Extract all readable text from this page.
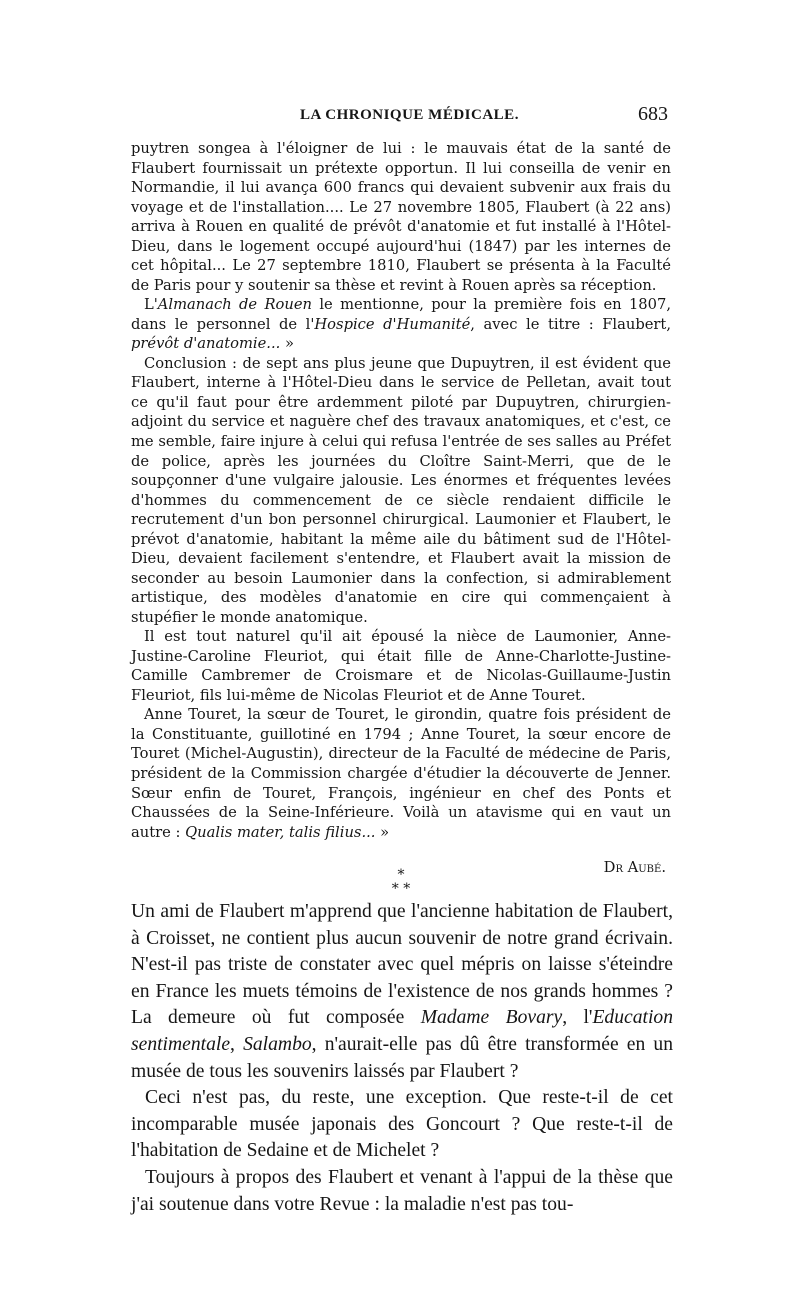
LA CHRONIQUE MÉDICALE.	683

puytren songea à l'éloigner de lui : le mauvais état de la santé de Flaubert fournissait un prétexte opportun. Il lui conseilla de venir en Normandie, il lui avança 600 francs qui devaient subvenir aux frais du voyage et de l'installation.... Le 27 novembre 1805, Flaubert (à 22 ans) arriva à Rouen en qualité de prévôt d'anatomie et fut installé à l'Hôtel-Dieu, dans le logement occupé aujourd'hui (1847) par les internes de cet hôpital... Le 27 septembre 1810, Flaubert se présenta à la Faculté de Paris pour y soutenir sa thèse et revint à Rouen après sa réception.

L'Almanach de Rouen le mentionne, pour la première fois en 1807, dans le personnel de l'Hospice d'Humanité, avec le titre : Flaubert, prévôt d'anatomie... »

Conclusion : de sept ans plus jeune que Dupuytren, il est évident que Flaubert, interne à l'Hôtel-Dieu dans le service de Pelletan, avait tout ce qu'il faut pour être ardemment piloté par Dupuytren, chirurgien-adjoint du service et naguère chef des travaux anatomiques, et c'est, ce me semble, faire injure à celui qui refusa l'entrée de ses salles au Préfet de police, après les journées du Cloître Saint-Merri, que de le soupçonner d'une vulgaire jalousie. Les énormes et fréquentes levées d'hommes du commencement de ce siècle rendaient difficile le recrutement d'un bon personnel chirurgical. Laumonier et Flaubert, le prévot d'anatomie, habitant la même aile du bâtiment sud de l'Hôtel-Dieu, devaient facilement s'entendre, et Flaubert avait la mission de seconder au besoin Laumonier dans la confection, si admirablement artistique, des modèles d'anatomie en cire qui commençaient à stupéfier le monde anatomique.

Il est tout naturel qu'il ait épousé la nièce de Laumonier, Anne-Justine-Caroline Fleuriot, qui était fille de Anne-Charlotte-Justine-Camille Cambremer de Croismare et de Nicolas-Guillaume-Justin Fleuriot, fils lui-même de Nicolas Fleuriot et de Anne Touret.

Anne Touret, la sœur de Touret, le girondin, quatre fois président de la Constituante, guillotiné en 1794 ; Anne Touret, la sœur encore de Touret (Michel-Augustin), directeur de la Faculté de médecine de Paris, président de la Commission chargée d'étudier la découverte de Jenner. Sœur enfin de Touret, François, ingénieur en chef des Ponts et Chaussées de la Seine-Inférieure. Voilà un atavisme qui en vaut un autre : Qualis mater, talis filius... »

Dr Aubé.
*
* *

Un ami de Flaubert m'apprend que l'ancienne habitation de Flaubert, à Croisset, ne contient plus aucun souvenir de notre grand écrivain. N'est-il pas triste de constater avec quel mépris on laisse s'éteindre en France les muets témoins de l'existence de nos grands hommes ? La demeure où fut composée Madame Bovary, l'Education sentimentale, Salambo, n'aurait-elle pas dû être transformée en un musée de tous les souvenirs laissés par Flaubert ?

Ceci n'est pas, du reste, une exception. Que reste-t-il de cet incomparable musée japonais des Goncourt ? Que reste-t-il de l'habitation de Sedaine et de Michelet ?

Toujours à propos des Flaubert et venant à l'appui de la thèse que j'ai soutenue dans votre Revue : la maladie n'est pas tou-
